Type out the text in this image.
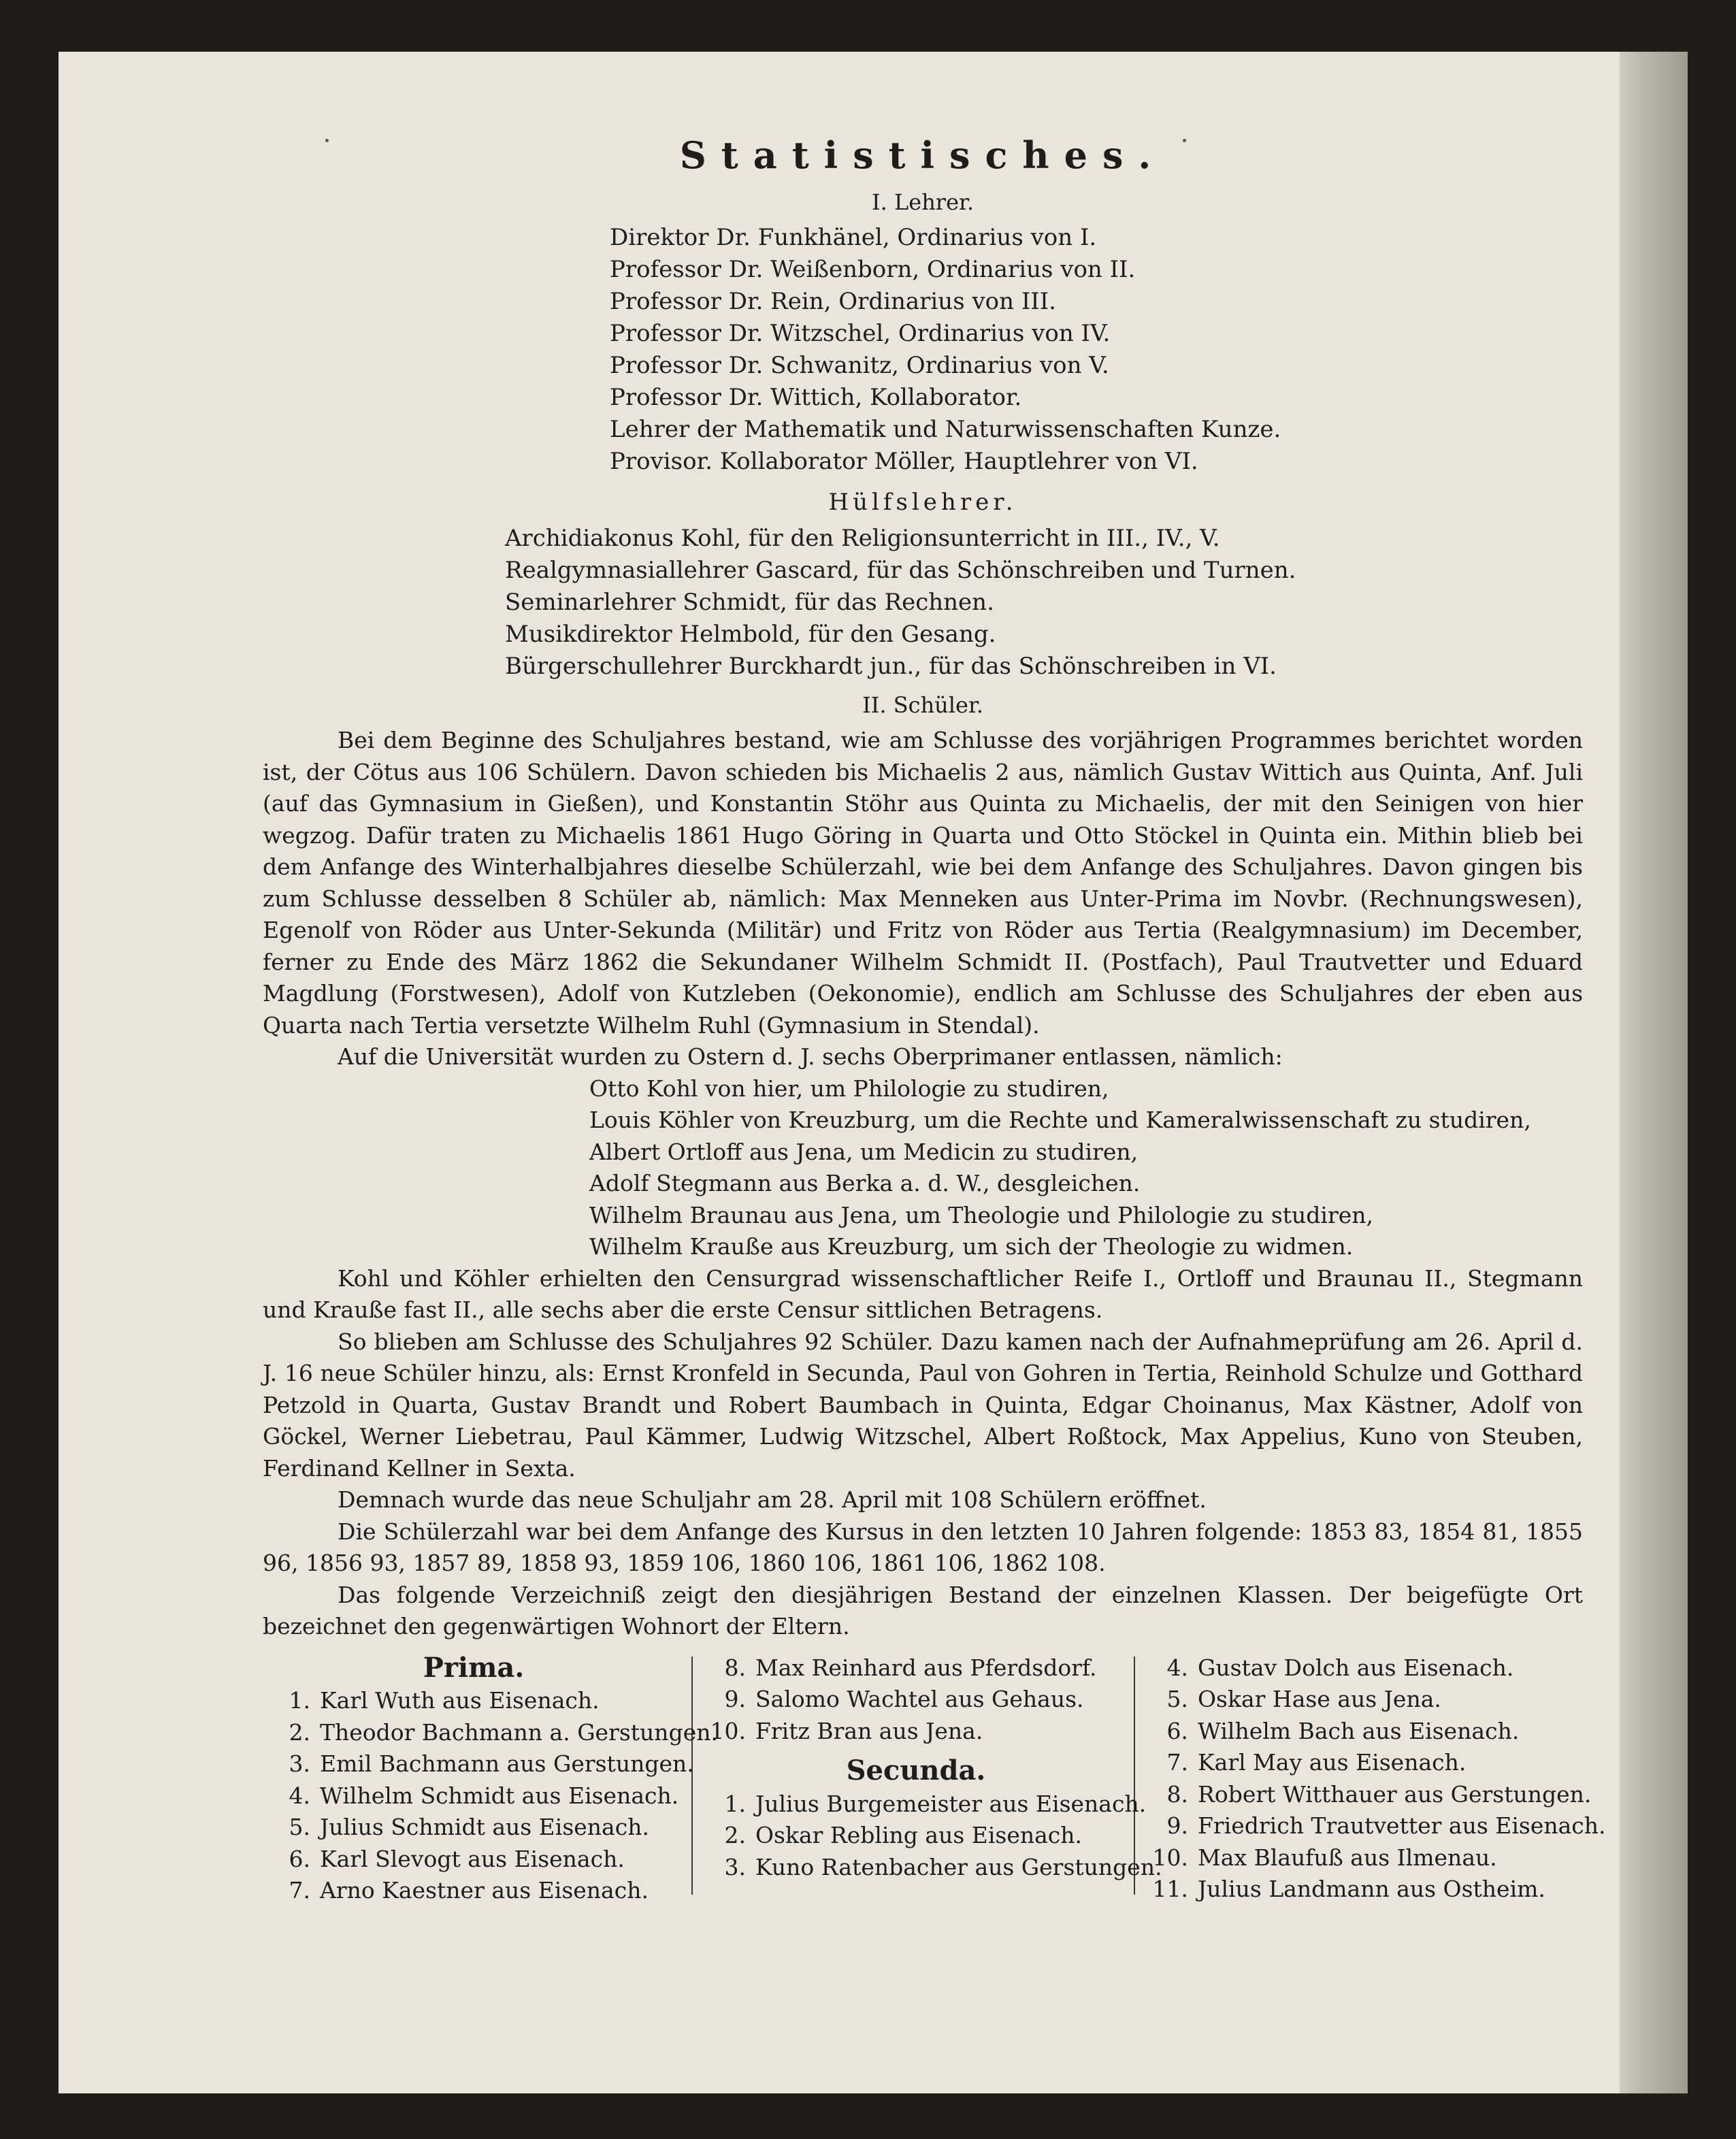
Statistisches.
I. Lehrer.
Direktor Dr. Funkhänel, Ordinarius von I.
Professor Dr. Weißenborn, Ordinarius von II.
Professor Dr. Rein, Ordinarius von III.
Professor Dr. Witzschel, Ordinarius von IV.
Professor Dr. Schwanitz, Ordinarius von V.
Professor Dr. Wittich, Kollaborator.
Lehrer der Mathematik und Naturwissenschaften Kunze.
Provisor. Kollaborator Möller, Hauptlehrer von VI.
Hülfslehrer.
Archidiakonus Kohl, für den Religionsunterricht in III., IV., V.
Realgymnasiallehrer Gascard, für das Schönschreiben und Turnen.
Seminarlehrer Schmidt, für das Rechnen.
Musikdirektor Helmbold, für den Gesang.
Bürgerschullehrer Burckhardt jun., für das Schönschreiben in VI.
II. Schüler.

Bei dem Beginne des Schuljahres bestand, wie am Schlusse des vorjährigen Programmes berichtet worden ist, der Cötus aus 106 Schülern. Davon schieden bis Michaelis 2 aus, nämlich Gustav Wittich aus Quinta, Anf. Juli (auf das Gymnasium in Gießen), und Konstantin Stöhr aus Quinta zu Michaelis, der mit den Seinigen von hier wegzog. Dafür traten zu Michaelis 1861 Hugo Göring in Quarta und Otto Stöckel in Quinta ein. Mithin blieb bei dem Anfange des Winterhalbjahres dieselbe Schülerzahl, wie bei dem Anfange des Schuljahres. Davon gingen bis zum Schlusse desselben 8 Schüler ab, nämlich: Max Menneken aus Unter-Prima im Novbr. (Rechnungswesen), Egenolf von Röder aus Unter-Sekunda (Militär) und Fritz von Röder aus Tertia (Realgymnasium) im December, ferner zu Ende des März 1862 die Sekundaner Wilhelm Schmidt II. (Postfach), Paul Trautvetter und Eduard Magdlung (Forstwesen), Adolf von Kutzleben (Oekonomie), endlich am Schlusse des Schuljahres der eben aus Quarta nach Tertia versetzte Wilhelm Ruhl (Gymnasium in Stendal).

Auf die Universität wurden zu Ostern d. J. sechs Oberprimaner entlassen, nämlich:

Otto Kohl von hier, um Philologie zu studiren,
Louis Köhler von Kreuzburg, um die Rechte und Kameralwissenschaft zu studiren,
Albert Ortloff aus Jena, um Medicin zu studiren,
Adolf Stegmann aus Berka a. d. W., desgleichen.
Wilhelm Braunau aus Jena, um Theologie und Philologie zu studiren,
Wilhelm Krauße aus Kreuzburg, um sich der Theologie zu widmen.

Kohl und Köhler erhielten den Censurgrad wissenschaftlicher Reife I., Ortloff und Braunau II., Stegmann und Krauße fast II., alle sechs aber die erste Censur sittlichen Betragens.

So blieben am Schlusse des Schuljahres 92 Schüler. Dazu kamen nach der Aufnahmeprüfung am 26. April d. J. 16 neue Schüler hinzu, als: Ernst Kronfeld in Secunda, Paul von Gohren in Tertia, Reinhold Schulze und Gotthard Petzold in Quarta, Gustav Brandt und Robert Baumbach in Quinta, Edgar Choinanus, Max Kästner, Adolf von Göckel, Werner Liebetrau, Paul Kämmer, Ludwig Witzschel, Albert Roßtock, Max Appelius, Kuno von Steuben, Ferdinand Kellner in Sexta.

Demnach wurde das neue Schuljahr am 28. April mit 108 Schülern eröffnet.

Die Schülerzahl war bei dem Anfange des Kursus in den letzten 10 Jahren folgende: 1853 83, 1854 81, 1855 96, 1856 93, 1857 89, 1858 93, 1859 106, 1860 106, 1861 106, 1862 108.

Das folgende Verzeichniß zeigt den diesjährigen Bestand der einzelnen Klassen. Der beigefügte Ort bezeichnet den gegenwärtigen Wohnort der Eltern.

Prima.
1. Karl Wuth aus Eisenach.
2. Theodor Bachmann a. Gerstungen.
3. Emil Bachmann aus Gerstungen.
4. Wilhelm Schmidt aus Eisenach.
5. Julius Schmidt aus Eisenach.
6. Karl Slevogt aus Eisenach.
7. Arno Kaestner aus Eisenach.
8. Max Reinhard aus Pferdsdorf.
9. Salomo Wachtel aus Gehaus.
10. Fritz Bran aus Jena.
Secunda.
1. Julius Burgemeister aus Eisenach.
2. Oskar Rebling aus Eisenach.
3. Kuno Ratenbacher aus Gerstungen.
4. Gustav Dolch aus Eisenach.
5. Oskar Hase aus Jena.
6. Wilhelm Bach aus Eisenach.
7. Karl May aus Eisenach.
8. Robert Witthauer aus Gerstungen.
9. Friedrich Trautvetter aus Eisenach.
10. Max Blaufuß aus Ilmenau.
11. Julius Landmann aus Ostheim.
